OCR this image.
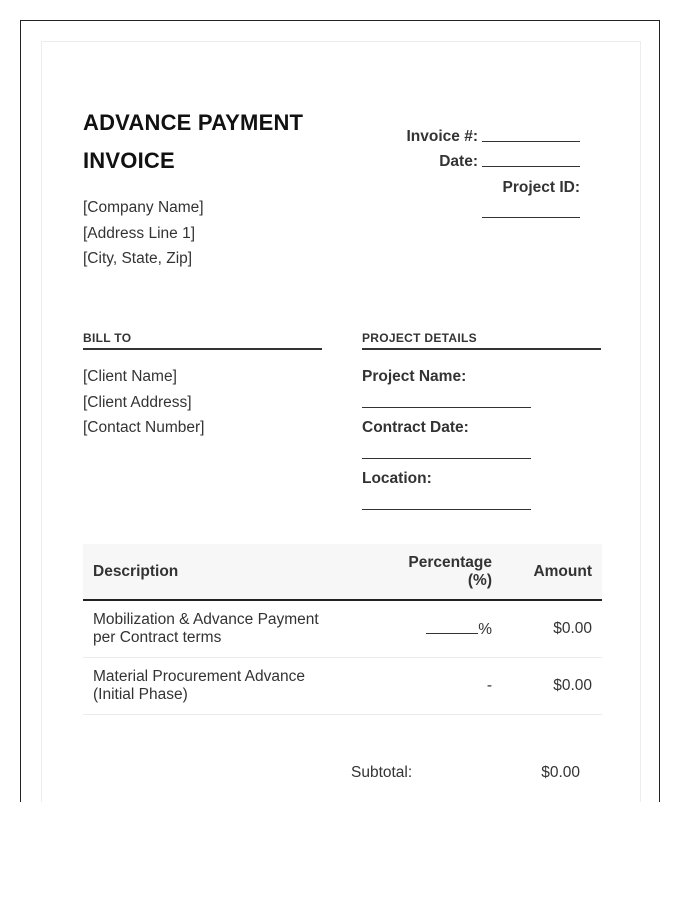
ADVANCE PAYMENT
INVOICE
[Company Name]
[Address Line 1]
[City, State, Zip]
Invoice #:
Date:
Project ID:
BILL TO	PROJECT DETAILS
[Client Name]
[Client Address]
[Contact Number]
Project Name:
Contract Date:
Location:
Description	Percentage (%)	Amount

Mobilization & Advance Payment per Contract terms	%	$0.00

Material Procurement Advance (Initial Phase)	-	$0.00
Subtotal:	$0.00
